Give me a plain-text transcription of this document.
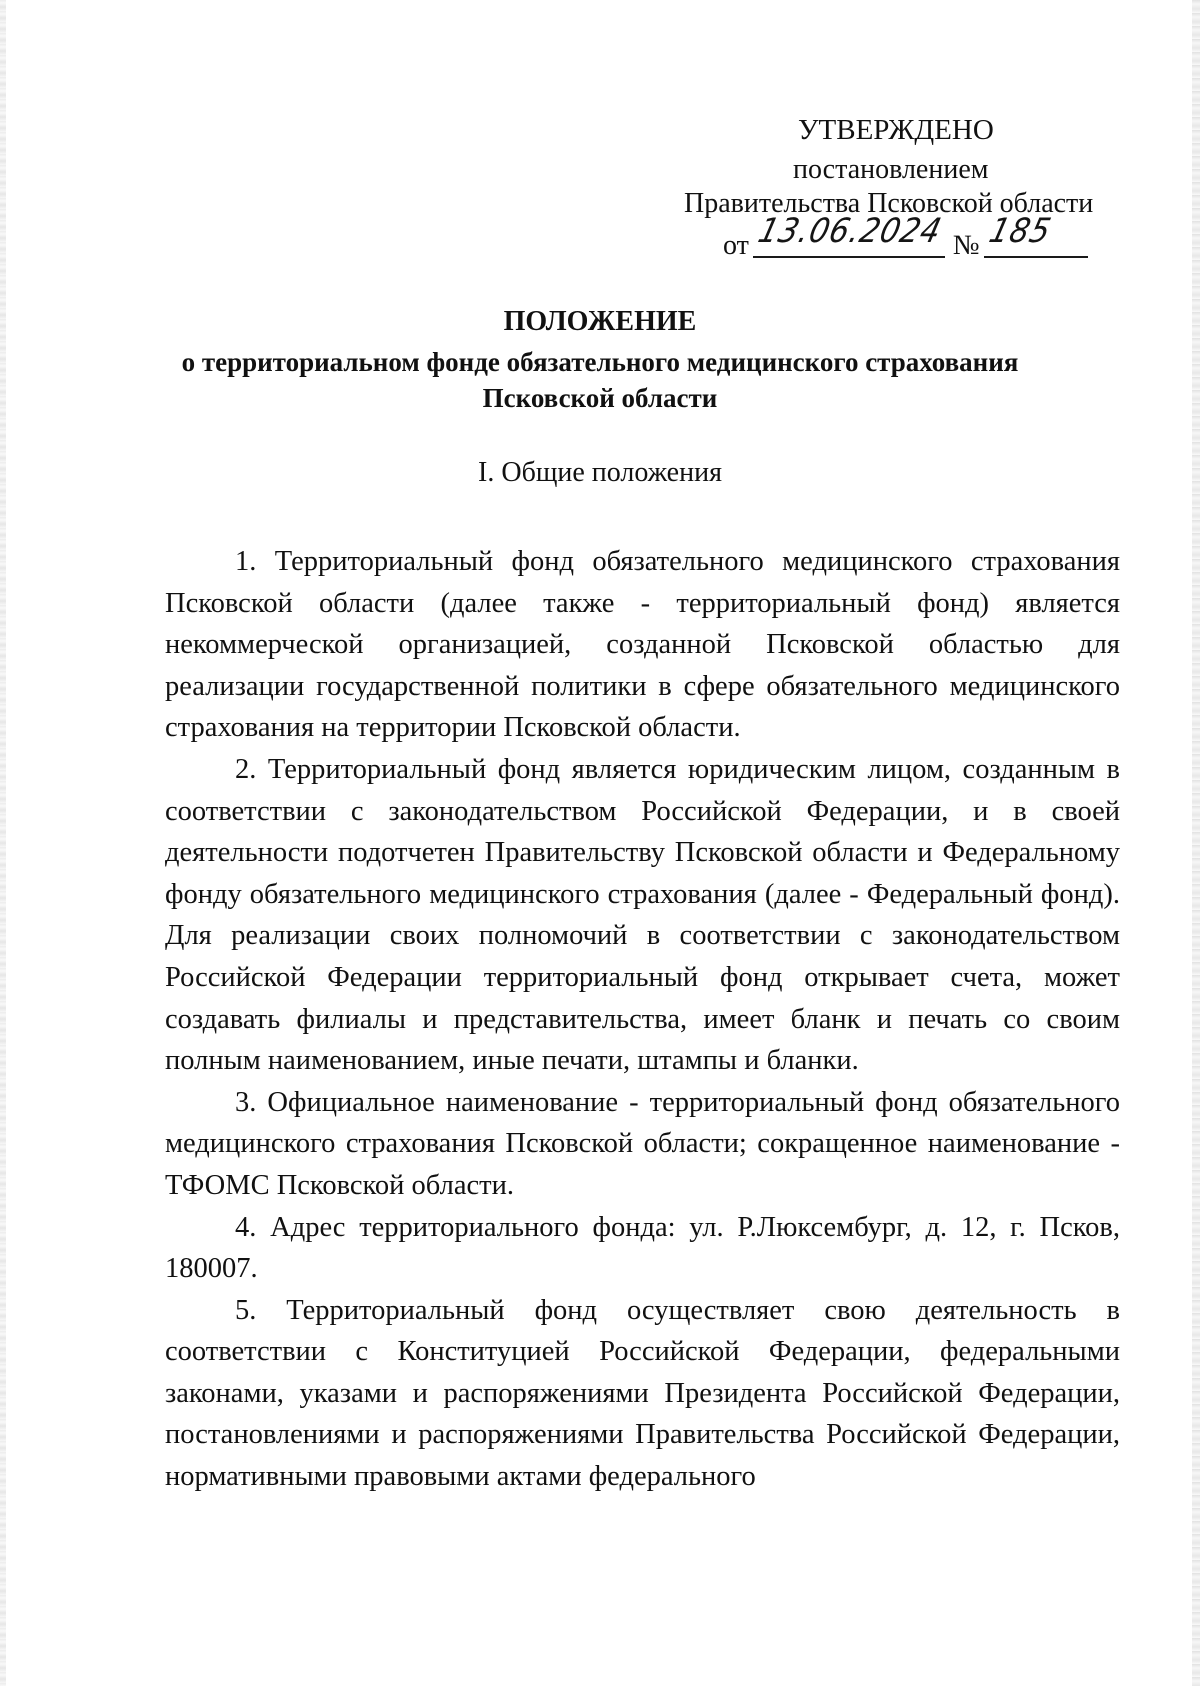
УТВЕРЖДЕНО
постановлением
Правительства Псковской области
от 13.06.2024 № 185
ПОЛОЖЕНИЕ
о территориальном фонде обязательного медицинского страхования
Псковской области
I. Общие положения

1. Территориальный фонд обязательного медицинского страхования Псковской области (далее также - территориальный фонд) является некоммерческой организацией, созданной Псковской областью для реализации государственной политики в сфере обязательного медицинского страхования на территории Псковской области.

2. Территориальный фонд является юридическим лицом, созданным в соответствии с законодательством Российской Федерации, и в своей деятельности подотчетен Правительству Псковской области и Федеральному фонду обязательного медицинского страхования (далее - Федеральный фонд). Для реализации своих полномочий в соответствии с законодательством Российской Федерации территориальный фонд открывает счета, может создавать филиалы и представительства, имеет бланк и печать со своим полным наименованием, иные печати, штампы и бланки.

3. Официальное наименование - территориальный фонд обязательного медицинского страхования Псковской области; сокращенное наименование - ТФОМС Псковской области.

4. Адрес территориального фонда: ул. Р.Люксембург, д. 12, г. Псков, 180007.

5. Территориальный фонд осуществляет свою деятельность в соответствии с Конституцией Российской Федерации, федеральными законами, указами и распоряжениями Президента Российской Федерации, постановлениями и распоряжениями Правительства Российской Федерации, нормативными правовыми актами федерального
